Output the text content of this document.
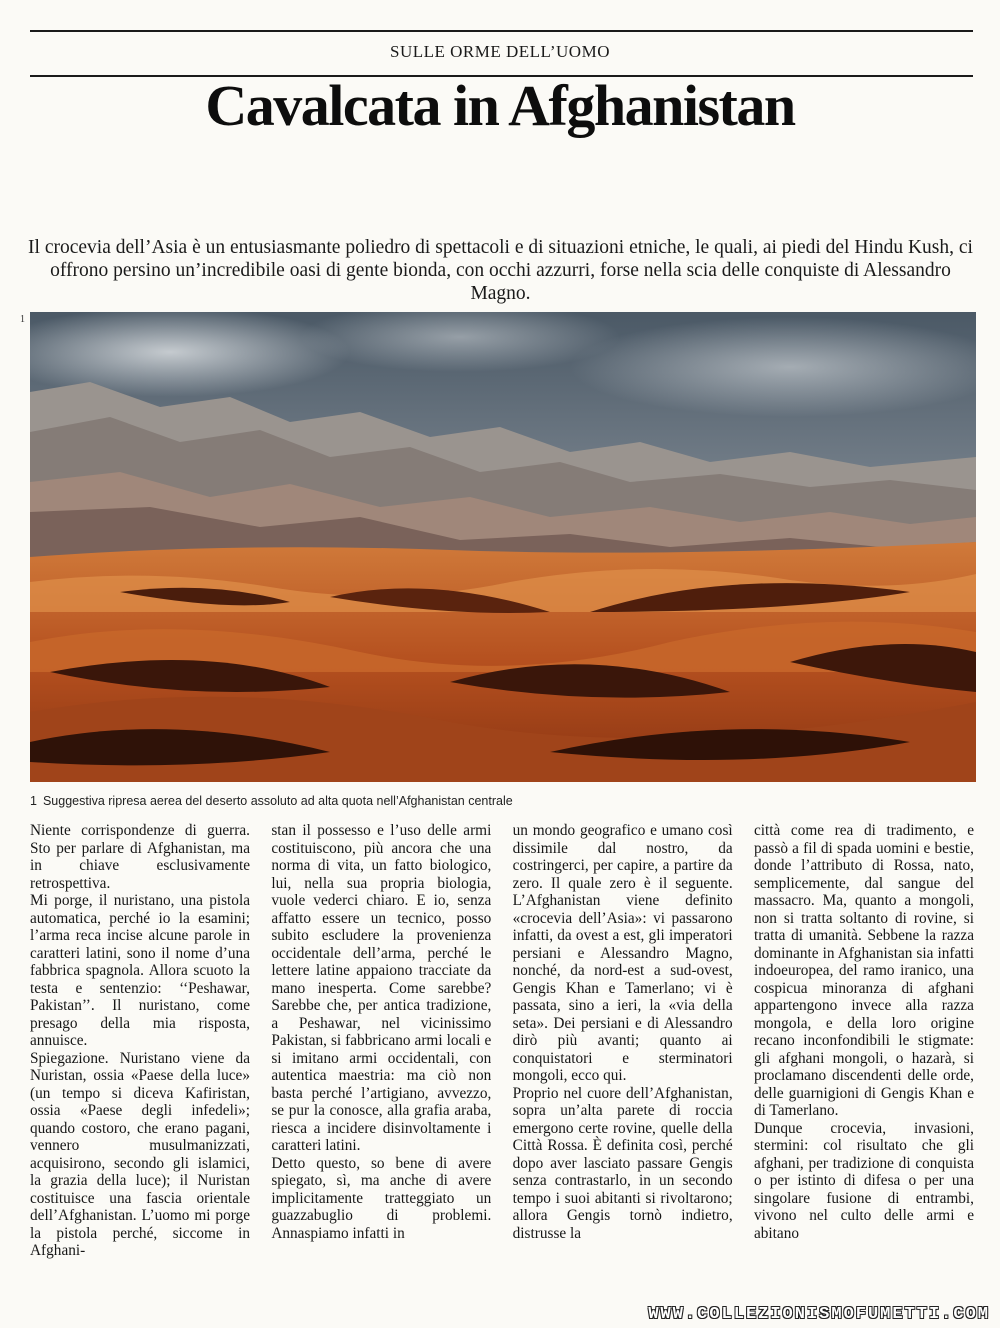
SULLE ORME DELL’UOMO
Cavalcata in Afghanistan
Il crocevia dell’Asia è un entusiasmante poliedro di spettacoli e di situazioni etniche, le quali, ai piedi del Hindu Kush, ci offrono persino un’incredibile oasi di gente bionda, con occhi azzurri, forse nella scia delle conquiste di Alessandro Magno.
1
1 Suggestiva ripresa aerea del deserto assoluto ad alta quota nell’Afghanistan centrale

Niente corrispondenze di guerra. Sto per parlare di Afghanistan, ma in chiave esclusivamente retrospettiva.

Mi porge, il nuristano, una pistola automatica, perché io la esamini; l’arma reca incise alcune parole in caratteri latini, sono il nome d’una fabbrica spagnola. Allora scuoto la testa e sentenzio: ‘‘Peshawar, Pakistan’’. Il nuristano, come presago della mia risposta, annuisce.

Spiegazione. Nuristano viene da Nuristan, ossia «Paese della luce» (un tempo si diceva Kafiristan, ossia «Paese degli infedeli»; quando costoro, che erano pagani, vennero musulmanizzati, acquisirono, secondo gli islamici, la grazia della luce); il Nuristan costituisce una fascia orientale dell’Afghanistan. L’uomo mi porge la pistola perché, siccome in Afghani-

stan il possesso e l’uso delle armi costituiscono, più ancora che una norma di vita, un fatto biologico, lui, nella sua propria biologia, vuole vederci chiaro. E io, senza affatto essere un tecnico, posso subito escludere la provenienza occidentale dell’arma, perché le lettere latine appaiono tracciate da mano inesperta. Come sarebbe? Sarebbe che, per antica tradizione, a Peshawar, nel vicinissimo Pakistan, si fabbricano armi locali e si imitano armi occidentali, con autentica maestria: ma ciò non basta perché l’artigiano, avvezzo, se pur la conosce, alla grafia araba, riesca a incidere disinvoltamente i caratteri latini.

Detto questo, so bene di avere spiegato, sì, ma anche di avere implicitamente tratteggiato un guazzabuglio di problemi. Annaspiamo infatti in

un mondo geografico e umano così dissimile dal nostro, da costringerci, per capire, a partire da zero. Il quale zero è il seguente. L’Afghanistan viene definito «crocevia dell’Asia»: vi passarono infatti, da ovest a est, gli imperatori persiani e Alessandro Magno, nonché, da nord-est a sud-ovest, Gengis Khan e Tamerlano; vi è passata, sino a ieri, la «via della seta». Dei persiani e di Alessandro dirò più avanti; quanto ai conquistatori e sterminatori mongoli, ecco qui.

Proprio nel cuore dell’Afghanistan, sopra un’alta parete di roccia emergono certe rovine, quelle della Città Rossa. È definita così, perché dopo aver lasciato passare Gengis senza contrastarlo, in un secondo tempo i suoi abitanti si rivoltarono; allora Gengis tornò indietro, distrusse la

città come rea di tradimento, e passò a fil di spada uomini e bestie, donde l’attributo di Rossa, nato, semplicemente, dal sangue del massacro. Ma, quanto a mongoli, non si tratta soltanto di rovine, si tratta di umanità. Sebbene la razza dominante in Afghanistan sia infatti indoeuropea, del ramo iranico, una cospicua minoranza di afghani appartengono invece alla razza mongola, e della loro origine recano inconfondibili le stigmate: gli afghani mongoli, o hazarà, si proclamano discendenti delle orde, delle guarnigioni di Gengis Khan e di Tamerlano.

Dunque crocevia, invasioni, stermini: col risultato che gli afghani, per tradizione di conquista o per istinto di difesa o per una singolare fusione di entrambi, vivono nel culto delle armi e abitano

WWW.COLLEZIONISMOFUMETTI.COM
